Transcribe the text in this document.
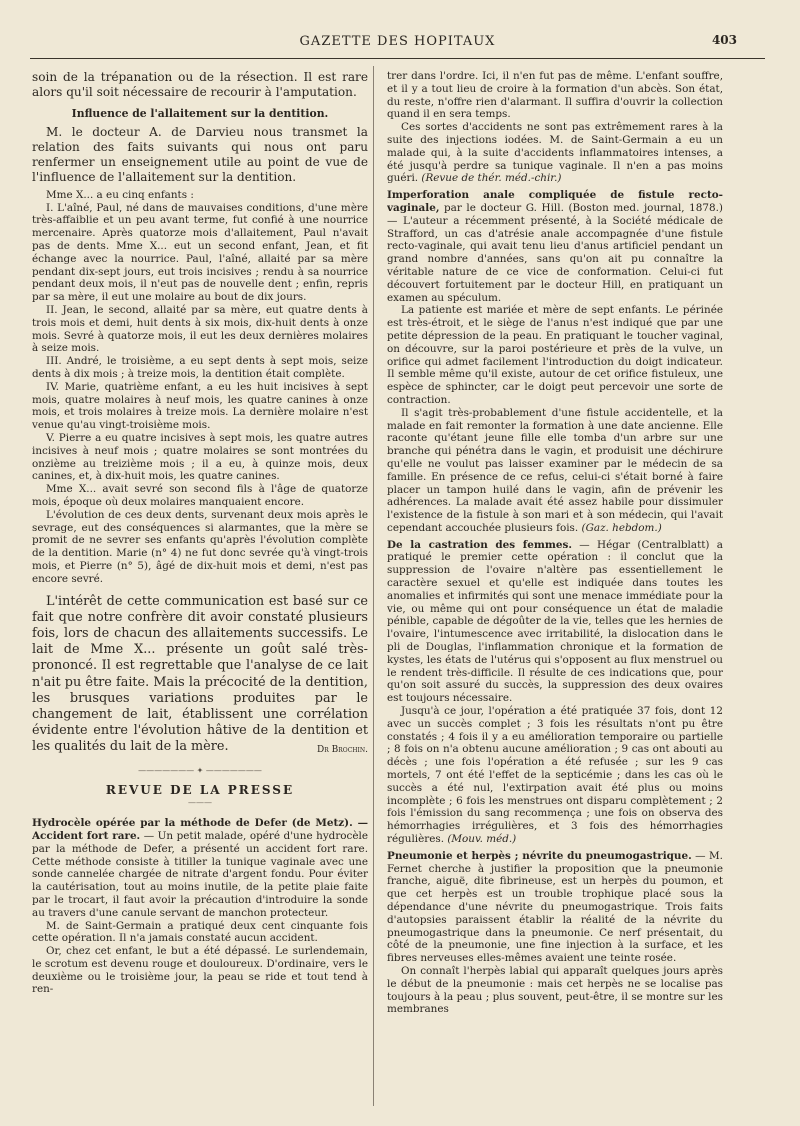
GAZETTE DES HOPITAUX	403

soin de la trépanation ou de la résection. Il est rare alors qu'il soit nécessaire de recourir à l'amputation.

Influence de l'allaitement sur la dentition.

M. le docteur A. de Darvieu nous transmet la relation des faits suivants qui nous ont paru renfermer un enseignement utile au point de vue de l'influence de l'allaitement sur la dentition.

Mme X... a eu cinq enfants :

I. L'aîné, Paul, né dans de mauvaises conditions, d'une mère très-affaiblie et un peu avant terme, fut confié à une nourrice mercenaire. Après quatorze mois d'allaitement, Paul n'avait pas de dents. Mme X... eut un second enfant, Jean, et fit échange avec la nourrice. Paul, l'aîné, allaité par sa mère pendant dix-sept jours, eut trois incisives ; rendu à sa nourrice pendant deux mois, il n'eut pas de nouvelle dent ; enfin, repris par sa mère, il eut une molaire au bout de dix jours.

II. Jean, le second, allaité par sa mère, eut quatre dents à trois mois et demi, huit dents à six mois, dix-huit dents à onze mois. Sevré à quatorze mois, il eut les deux dernières molaires à seize mois.

III. André, le troisième, a eu sept dents à sept mois, seize dents à dix mois ; à treize mois, la dentition était complète.

IV. Marie, quatrième enfant, a eu les huit incisives à sept mois, quatre molaires à neuf mois, les quatre canines à onze mois, et trois molaires à treize mois. La dernière molaire n'est venue qu'au vingt-troisième mois.

V. Pierre a eu quatre incisives à sept mois, les quatre autres incisives à neuf mois ; quatre molaires se sont montrées du onzième au treizième mois ; il a eu, à quinze mois, deux canines, et, à dix-huit mois, les quatre canines.

Mme X... avait sevré son second fils à l'âge de quatorze mois, époque où deux molaires manquaient encore.

L'évolution de ces deux dents, survenant deux mois après le sevrage, eut des conséquences si alarmantes, que la mère se promit de ne sevrer ses enfants qu'après l'évolution complète de la dentition. Marie (n° 4) ne fut donc sevrée qu'à vingt-trois mois, et Pierre (n° 5), âgé de dix-huit mois et demi, n'est pas encore sevré.

L'intérêt de cette communication est basé sur ce fait que notre confrère dit avoir constaté plusieurs fois, lors de chacun des allaitements successifs. Le lait de Mme X... présente un goût salé très-prononcé. Il est regrettable que l'analyse de ce lait n'ait pu être faite. Mais la précocité de la dentition, les brusques variations produites par le changement de lait, établissent une corrélation évidente entre l'évolution hâtive de la dentition et les qualités du lait de la mère.	Dr Brochin.
——————— ✦ ———————
REVUE DE LA PRESSE
———

Hydrocèle opérée par la méthode de Defer (de Metz). — Accident fort rare. — Un petit malade, opéré d'une hydrocèle par la méthode de Defer, a présenté un accident fort rare. Cette méthode consiste à titiller la tunique vaginale avec une sonde cannelée chargée de nitrate d'argent fondu. Pour éviter la cautérisation, tout au moins inutile, de la petite plaie faite par le trocart, il faut avoir la précaution d'introduire la sonde au travers d'une canule servant de manchon protecteur.

M. de Saint-Germain a pratiqué deux cent cinquante fois cette opération. Il n'a jamais constaté aucun accident.

Or, chez cet enfant, le but a été dépassé. Le surlendemain, le scrotum est devenu rouge et douloureux. D'ordinaire, vers le deuxième ou le troisième jour, la peau se ride et tout tend à ren-

trer dans l'ordre. Ici, il n'en fut pas de même. L'enfant souffre, et il y a tout lieu de croire à la formation d'un abcès. Son état, du reste, n'offre rien d'alarmant. Il suffira d'ouvrir la collection quand il en sera temps.

Ces sortes d'accidents ne sont pas extrêmement rares à la suite des injections iodées. M. de Saint-Germain a eu un malade qui, à la suite d'accidents inflammatoires intenses, a été jusqu'à perdre sa tunique vaginale. Il n'en a pas moins guéri. (Revue de thér. méd.-chir.)

Imperforation anale compliquée de fistule recto-vaginale, par le docteur G. Hill. (Boston med. journal, 1878.) — L'auteur a récemment présenté, à la Société médicale de Strafford, un cas d'atrésie anale accompagnée d'une fistule recto-vaginale, qui avait tenu lieu d'anus artificiel pendant un grand nombre d'années, sans qu'on ait pu connaître la véritable nature de ce vice de conformation. Celui-ci fut découvert fortuitement par le docteur Hill, en pratiquant un examen au spéculum.

La patiente est mariée et mère de sept enfants. Le périnée est très-étroit, et le siège de l'anus n'est indiqué que par une petite dépression de la peau. En pratiquant le toucher vaginal, on découvre, sur la paroi postérieure et près de la vulve, un orifice qui admet facilement l'introduction du doigt indicateur. Il semble même qu'il existe, autour de cet orifice fistuleux, une espèce de sphincter, car le doigt peut percevoir une sorte de contraction.

Il s'agit très-probablement d'une fistule accidentelle, et la malade en fait remonter la formation à une date ancienne. Elle raconte qu'étant jeune fille elle tomba d'un arbre sur une branche qui pénétra dans le vagin, et produisit une déchirure qu'elle ne voulut pas laisser examiner par le médecin de sa famille. En présence de ce refus, celui-ci s'était borné à faire placer un tampon huilé dans le vagin, afin de prévenir les adhérences. La malade avait été assez habile pour dissimuler l'existence de la fistule à son mari et à son médecin, qui l'avait cependant accouchée plusieurs fois. (Gaz. hebdom.)

De la castration des femmes. — Hégar (Centralblatt) a pratiqué le premier cette opération : il conclut que la suppression de l'ovaire n'altère pas essentiellement le caractère sexuel et qu'elle est indiquée dans toutes les anomalies et infirmités qui sont une menace immédiate pour la vie, ou même qui ont pour conséquence un état de maladie pénible, capable de dégoûter de la vie, telles que les hernies de l'ovaire, l'intumescence avec irritabilité, la dislocation dans le pli de Douglas, l'inflammation chronique et la formation de kystes, les états de l'utérus qui s'opposent au flux menstruel ou le rendent très-difficile. Il résulte de ces indications que, pour qu'on soit assuré du succès, la suppression des deux ovaires est toujours nécessaire.

Jusqu'à ce jour, l'opération a été pratiquée 37 fois, dont 12 avec un succès complet ; 3 fois les résultats n'ont pu être constatés ; 4 fois il y a eu amélioration temporaire ou partielle ; 8 fois on n'a obtenu aucune amélioration ; 9 cas ont abouti au décès ; une fois l'opération a été refusée ; sur les 9 cas mortels, 7 ont été l'effet de la septicémie ; dans les cas où le succès a été nul, l'extirpation avait été plus ou moins incomplète ; 6 fois les menstrues ont disparu complètement ; 2 fois l'émission du sang recommença ; une fois on observa des hémorrhagies irrégulières, et 3 fois des hémorrhagies régulières. (Mouv. méd.)

Pneumonie et herpès ; névrite du pneumogastrique. — M. Fernet cherche à justifier la proposition que la pneumonie franche, aiguë, dite fibrineuse, est un herpès du poumon, et que cet herpès est un trouble trophique placé sous la dépendance d'une névrite du pneumogastrique. Trois faits d'autopsies paraissent établir la réalité de la névrite du pneumogastrique dans la pneumonie. Ce nerf présentait, du côté de la pneumonie, une fine injection à la surface, et les fibres nerveuses elles-mêmes avaient une teinte rosée.

On connaît l'herpès labial qui apparaît quelques jours après le début de la pneumonie : mais cet herpès ne se localise pas toujours à la peau ; plus souvent, peut-être, il se montre sur les membranes
